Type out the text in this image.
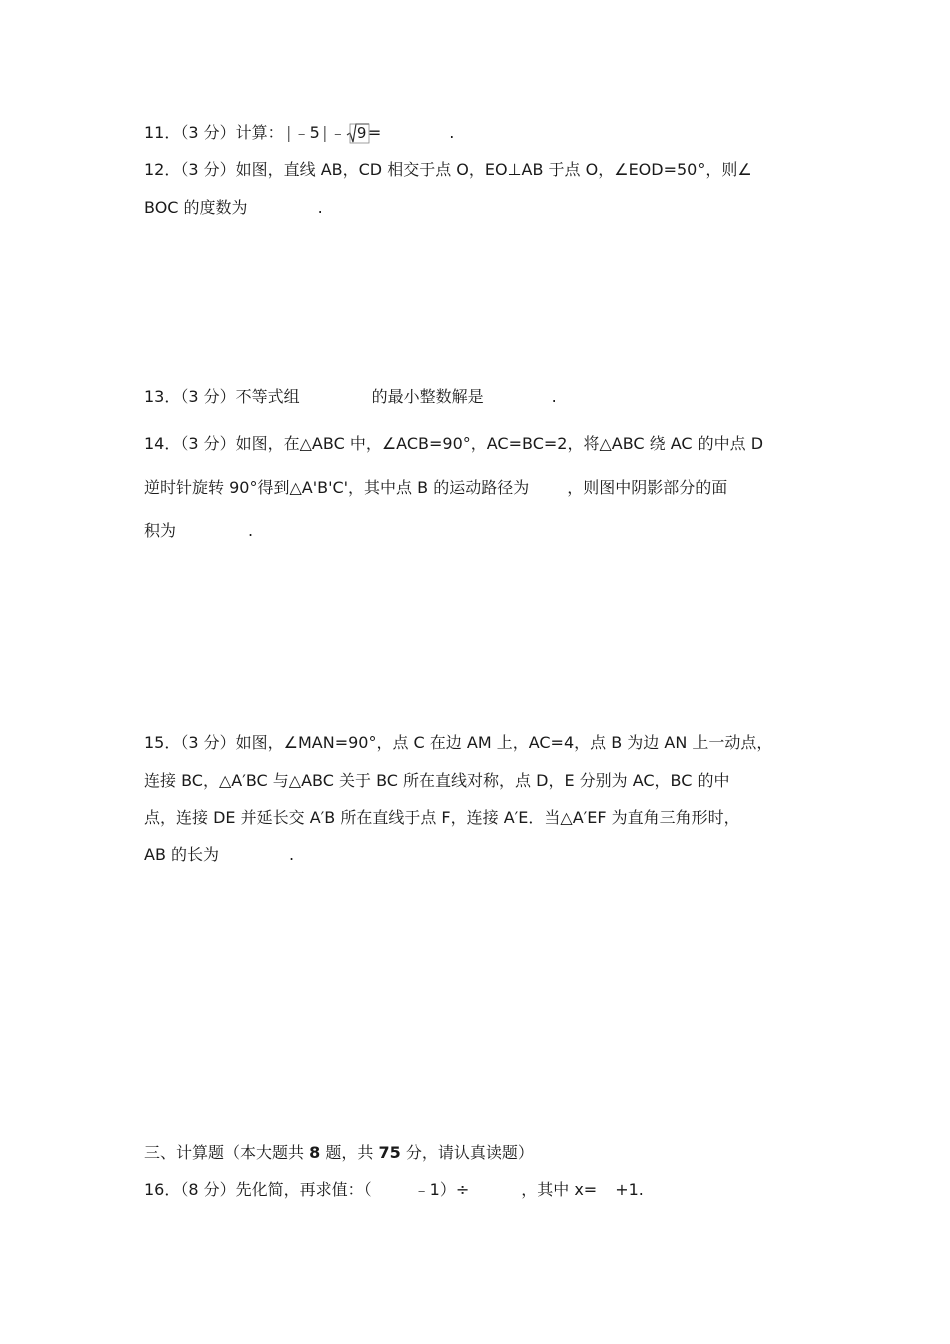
11．（3 分）计算： | ﹣5 | ﹣ 9 =	.
12．（3 分）如图，直线 AB，CD 相交于点 O，EO⊥AB 于点 O，∠EOD=50°，则∠
BOC 的度数为	.
13．（3 分）不等式组	的最小整数解是	.
14．（3 分）如图，在△ABC 中，∠ACB=90°，AC=BC=2，将△ABC 绕 AC 的中点 D
逆时针旋转 90°得到△A'B'C'，其中点 B 的运动路径为 ，则图中阴影部分的面
积为	.
15．（3 分）如图，∠MAN=90°，点 C 在边 AM 上，AC=4，点 B 为边 AN 上一动点，
连接 BC，△A′BC 与△ABC 关于 BC 所在直线对称，点 D，E 分别为 AC，BC 的中
点，连接 DE 并延长交 A′B 所在直线于点 F，连接 A′E．当△A′EF 为直角三角形时，
AB 的长为	.
三、计算题（本大题共 8 题，共 75 分，请认真读题）
16．（8 分）先化简，再求值：（	﹣1）÷	，其中 x= +1.
